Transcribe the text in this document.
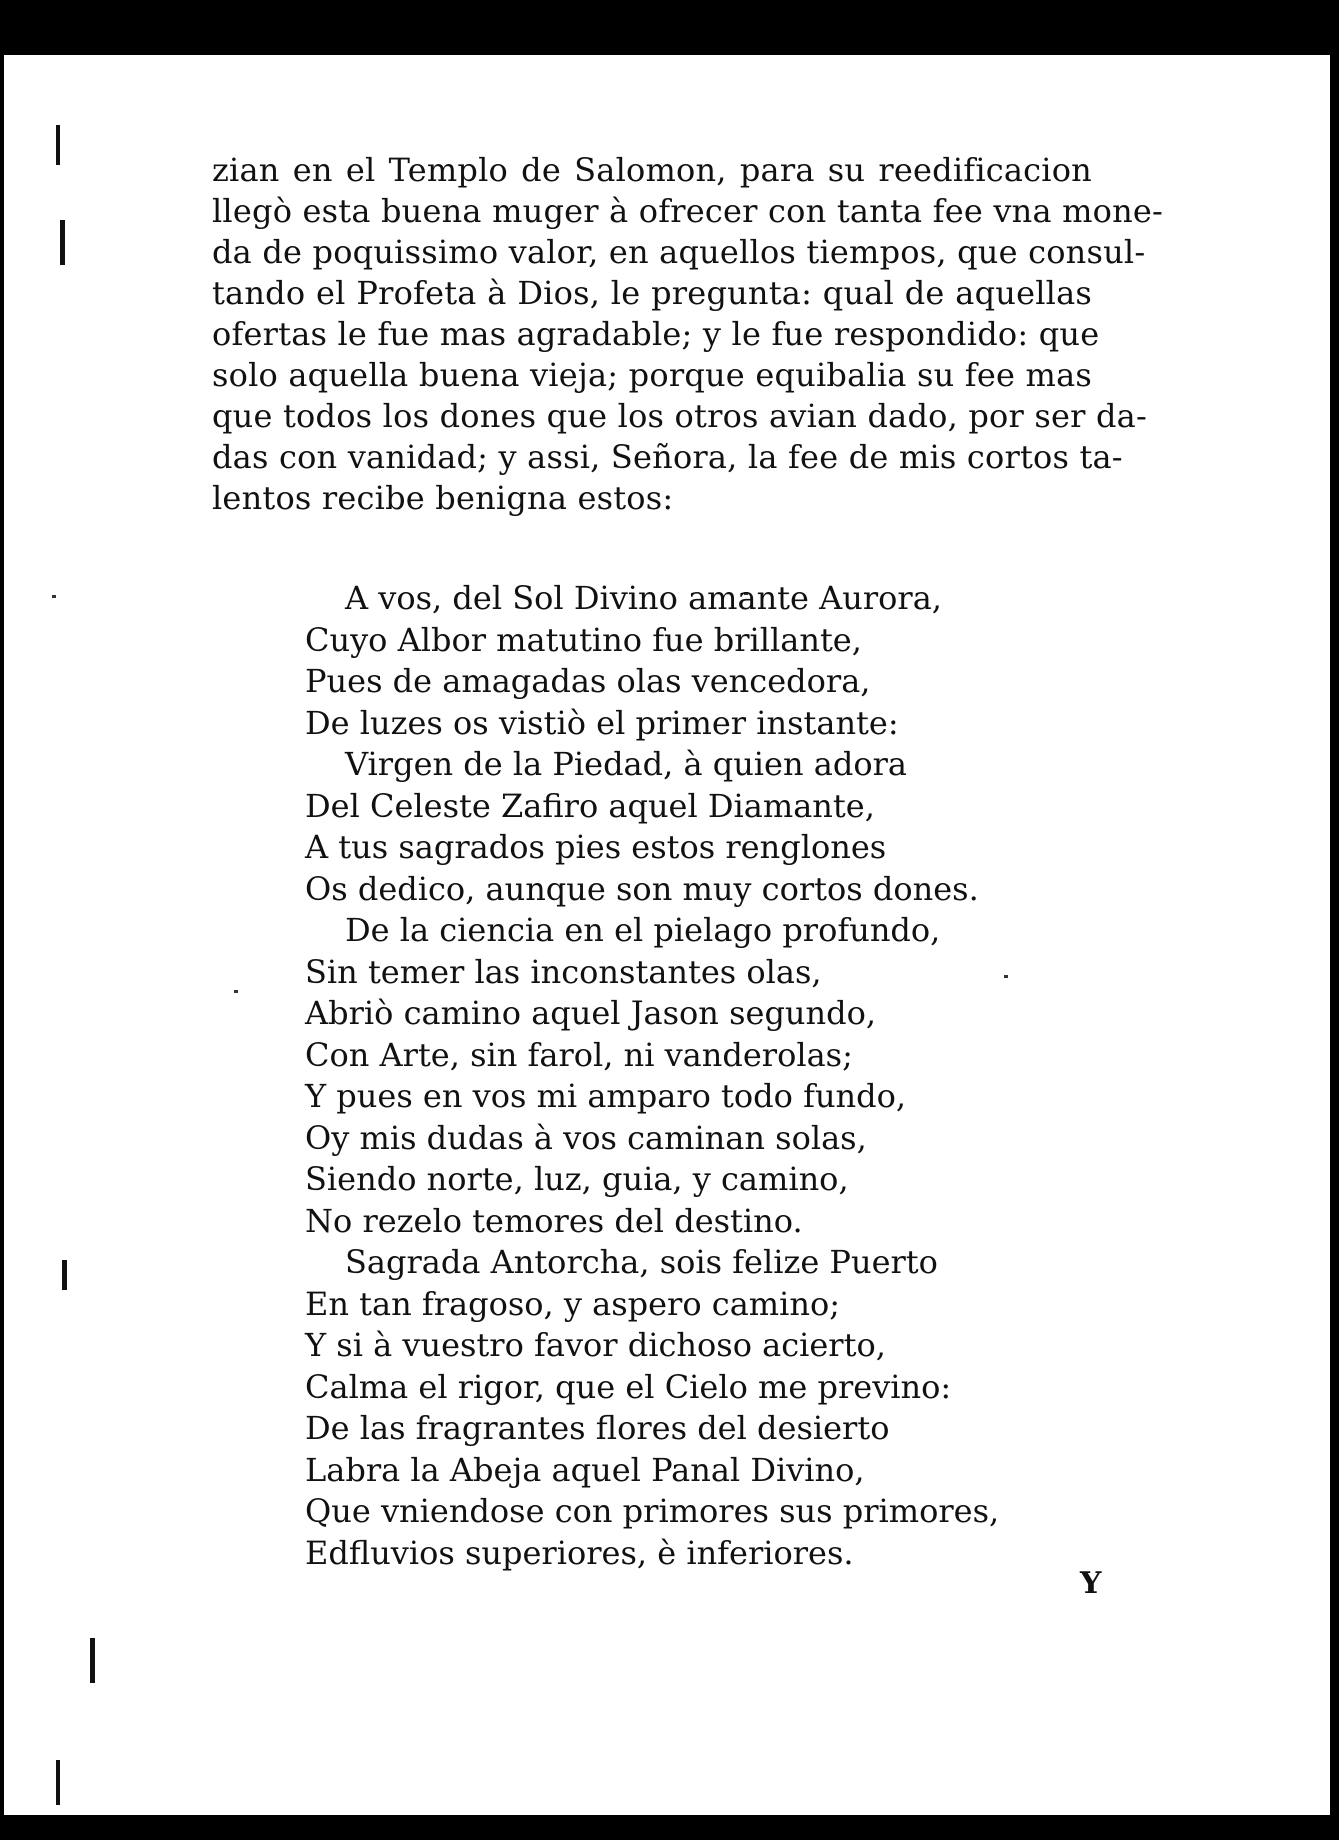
zian en el Templo de Salomon, para su reedificacion
llegò esta buena muger à ofrecer con tanta fee vna mone-
da de poquissimo valor, en aquellos tiempos, que consul-
tando el Profeta à Dios, le pregunta: qual de aquellas
ofertas le fue mas agradable; y le fue respondido: que
solo aquella buena vieja; porque equibalia su fee mas
que todos los dones que los otros avian dado, por ser da-
das con vanidad; y assi, Señora, la fee de mis cortos ta-
lentos recibe benigna estos:
A vos, del Sol Divino amante Aurora,
Cuyo Albor matutino fue brillante,
Pues de amagadas olas vencedora,
De luzes os vistiò el primer instante:
Virgen de la Piedad, à quien adora
Del Celeste Zafiro aquel Diamante,
A tus sagrados pies estos renglones
Os dedico, aunque son muy cortos dones.
De la ciencia en el pielago profundo,
Sin temer las inconstantes olas,
Abriò camino aquel Jason segundo,
Con Arte, sin farol, ni vanderolas;
Y pues en vos mi amparo todo fundo,
Oy mis dudas à vos caminan solas,
Siendo norte, luz, guia, y camino,
No rezelo temores del destino.
Sagrada Antorcha, sois felize Puerto
En tan fragoso, y aspero camino;
Y si à vuestro favor dichoso acierto,
Calma el rigor, que el Cielo me previno:
De las fragrantes flores del desierto
Labra la Abeja aquel Panal Divino,
Que vniendose con primores sus primores,
Edfluvios superiores, è inferiores.
Y
